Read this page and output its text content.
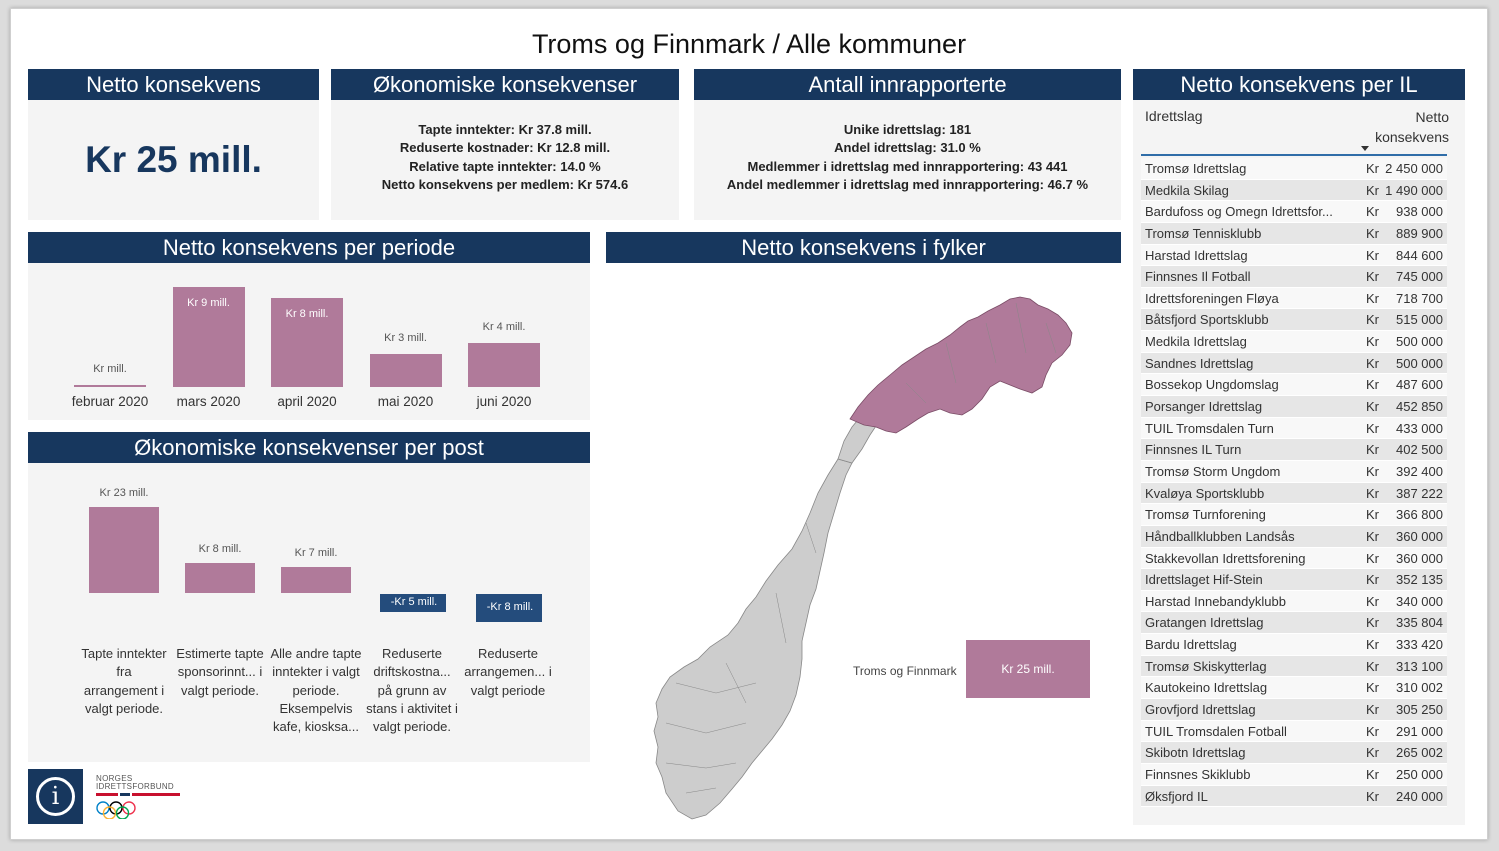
Troms og Finnmark / Alle kommuner
Netto konsekvens
Kr 25 mill.
Økonomiske konsekvenser
Tapte inntekter: Kr 37.8 mill.
Reduserte kostnader: Kr 12.8 mill.
Relative tapte inntekter: 14.0 %
Netto konsekvens per medlem: Kr 574.6
Antall innrapporterte
Unike idrettslag: 181
Andel idrettslag: 31.0 %
Medlemmer i idrettslag med innrapportering: 43 441
Andel medlemmer i idrettslag med innrapportering: 46.7 %
Netto konsekvens per periode
Kr mill.
februar 2020
Kr 9 mill.
mars 2020
Kr 8 mill.
april 2020
Kr 3 mill.
mai 2020
Kr 4 mill.
juni 2020
Økonomiske konsekvenser per post
Kr 23 mill.
Tapte inntekter fra arrangement i valgt periode.
Kr 8 mill.
Estimerte tapte sponsorinnt... i valgt periode.
Kr 7 mill.
Alle andre tapte inntekter i valgt periode. Eksempelvis kafe, kiosksa...
-Kr 5 mill.
Reduserte driftskostna... på grunn av stans i aktivitet i valgt periode.
-Kr 8 mill.
Reduserte arrangemen... i valgt periode
Netto konsekvens i fylker
Troms og Finnmark	Kr 25 mill.
Netto konsekvens per IL
Idrettslag	Netto
konsekvens
Tromsø Idrettslag	Kr 2 450 000
Medkila Skilag	Kr 1 490 000
Bardufoss og Omegn Idrettsfor...	Kr 938 000
Tromsø Tennisklubb	Kr 889 900
Harstad Idrettslag	Kr 844 600
Finnsnes Il Fotball	Kr 745 000
Idrettsforeningen Fløya	Kr 718 700
Båtsfjord Sportsklubb	Kr 515 000
Medkila Idrettslag	Kr 500 000
Sandnes Idrettslag	Kr 500 000
Bossekop Ungdomslag	Kr 487 600
Porsanger Idrettslag	Kr 452 850
TUIL Tromsdalen Turn	Kr 433 000
Finnsnes IL Turn	Kr 402 500
Tromsø Storm Ungdom	Kr 392 400
Kvaløya Sportsklubb	Kr 387 222
Tromsø Turnforening	Kr 366 800
Håndballklubben Landsås	Kr 360 000
Stakkevollan Idrettsforening	Kr 360 000
Idrettslaget Hif-Stein	Kr 352 135
Harstad Innebandyklubb	Kr 340 000
Gratangen Idrettslag	Kr 335 804
Bardu Idrettslag	Kr 333 420
Tromsø Skiskytterlag	Kr 313 100
Kautokeino Idrettslag	Kr 310 002
Grovfjord Idrettslag	Kr 305 250
TUIL Tromsdalen Fotball	Kr 291 000
Skibotn Idrettslag	Kr 265 002
Finnsnes Skiklubb	Kr 250 000
Øksfjord IL	Kr 240 000
i
NORGES
IDRETTSFORBUND
